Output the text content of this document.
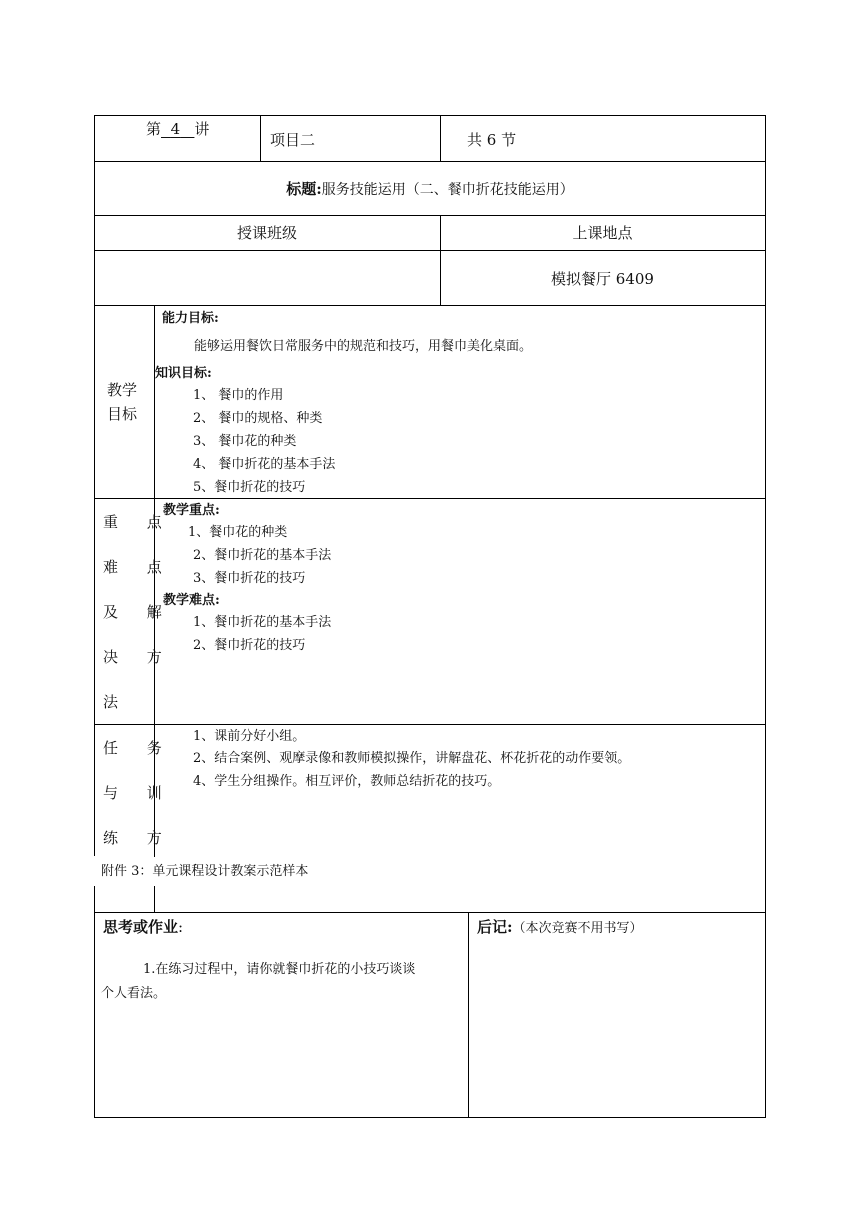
第 4 讲
项目二	共 6 节
标题:服务技能运用（二、餐巾折花技能运用）
授课班级	上课地点
模拟餐厅 6409
教学
目标
能力目标:
能够运用餐饮日常服务中的规范和技巧，用餐巾美化桌面。
知识目标:
1、 餐巾的作用
2、 餐巾的规格、种类
3、 餐巾花的种类
4、 餐巾折花的基本手法
5、餐巾折花的技巧
重 点
难 点
及 解
决 方
法
教学重点:
1、餐巾花的种类
2、餐巾折花的基本手法
3、餐巾折花的技巧
教学难点:
1、餐巾折花的基本手法
2、餐巾折花的技巧
任 务
与 训
练 方
1、课前分好小组。
2、结合案例、观摩录像和教师模拟操作，讲解盘花、杯花折花的动作要领。
4、学生分组操作。相互评价，教师总结折花的技巧。
附件 3：单元课程设计教案示范样本
思考或作业:
1.在练习过程中，请你就餐巾折花的小技巧谈谈
个人看法。
后记:（本次竞赛不用书写）
